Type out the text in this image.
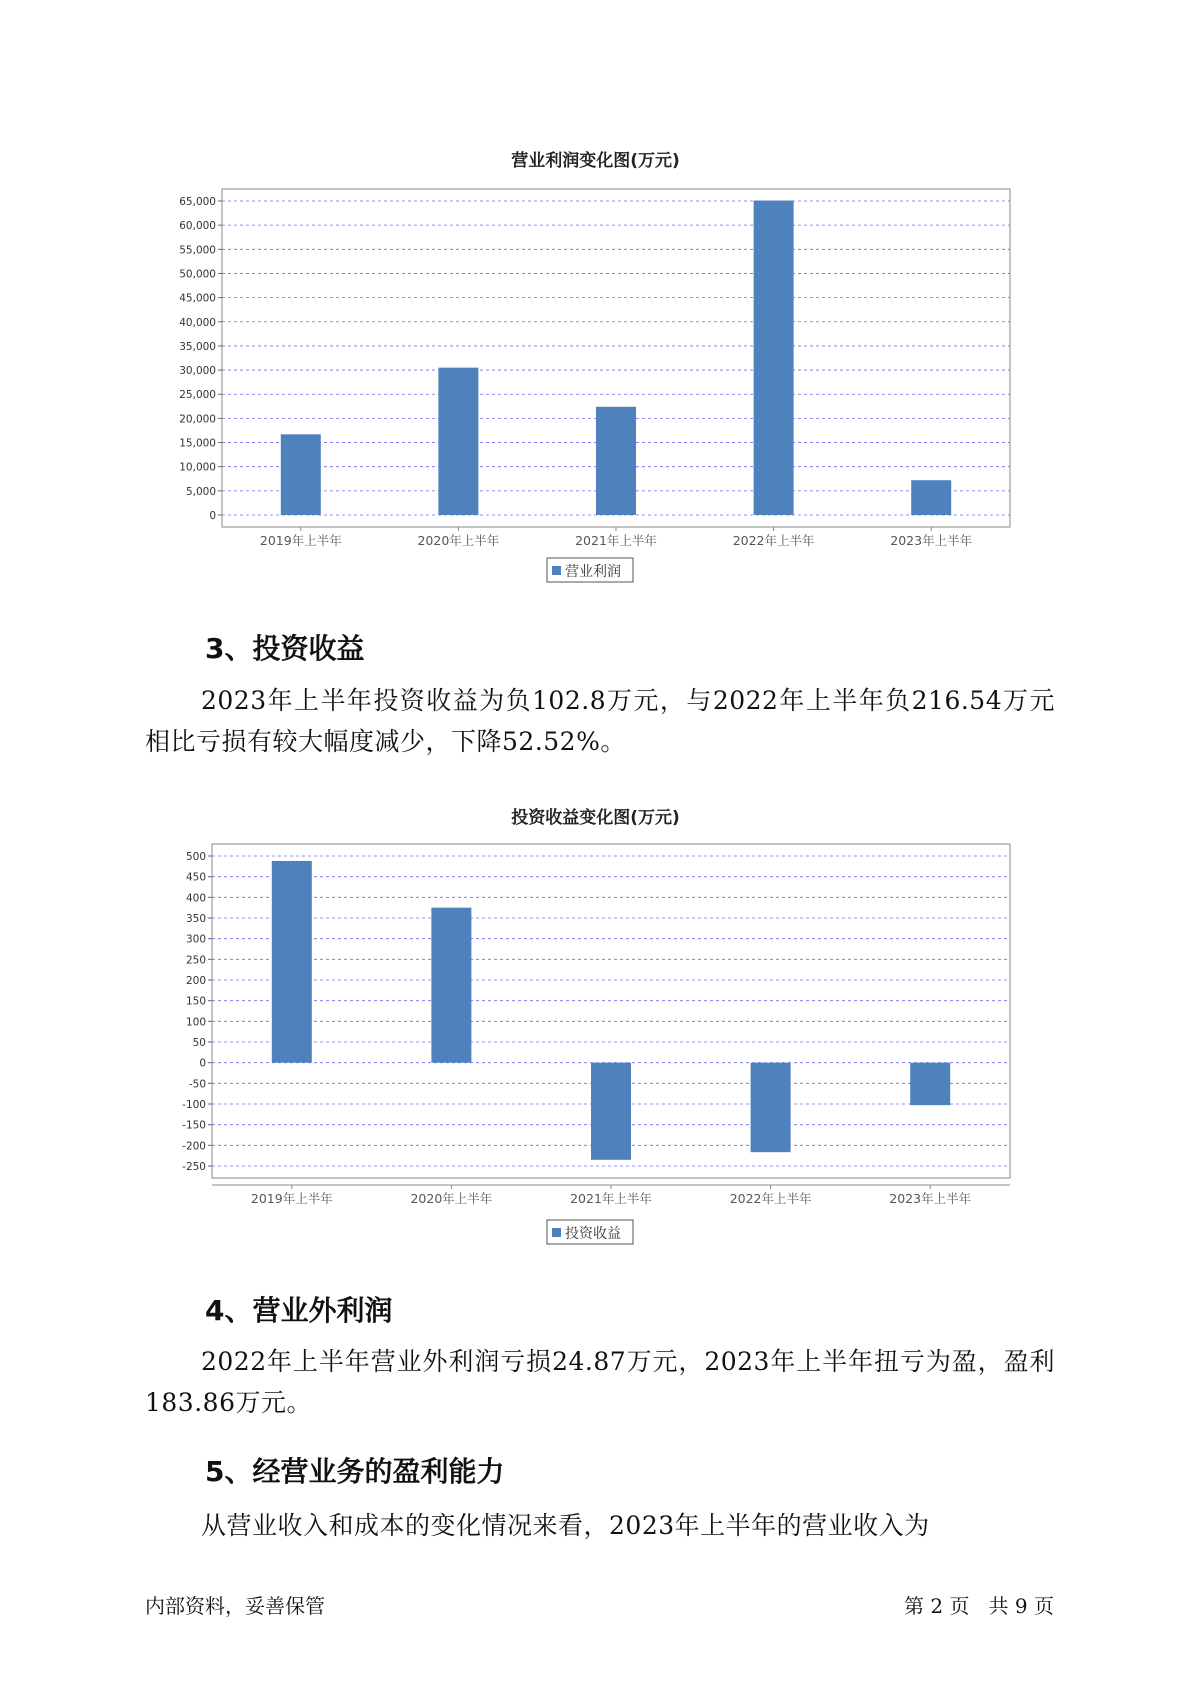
营业利润变化图(万元)
0
5,000
10,000
15,000
20,000
25,000
30,000
35,000
40,000
45,000
50,000
55,000
60,000
65,000
2019年上半年	2020年上半年	2021年上半年	2022年上半年	2023年上半年
营业利润
3、投资收益
2023年上半年投资收益为负102.8万元，与2022年上半年负216.54万元相比亏损有较大幅度减少，下降52.52%。
投资收益变化图(万元)
-250
-200
-150
-100
-50
0
50
100
150
200
250
300
350
400
450
500
2019年上半年	2020年上半年	2021年上半年	2022年上半年	2023年上半年
投资收益
4、营业外利润
2022年上半年营业外利润亏损24.87万元，2023年上半年扭亏为盈，盈利183.86万元。
5、经营业务的盈利能力
从营业收入和成本的变化情况来看，2023年上半年的营业收入为
内部资料，妥善保管	第 2 页   共 9 页
